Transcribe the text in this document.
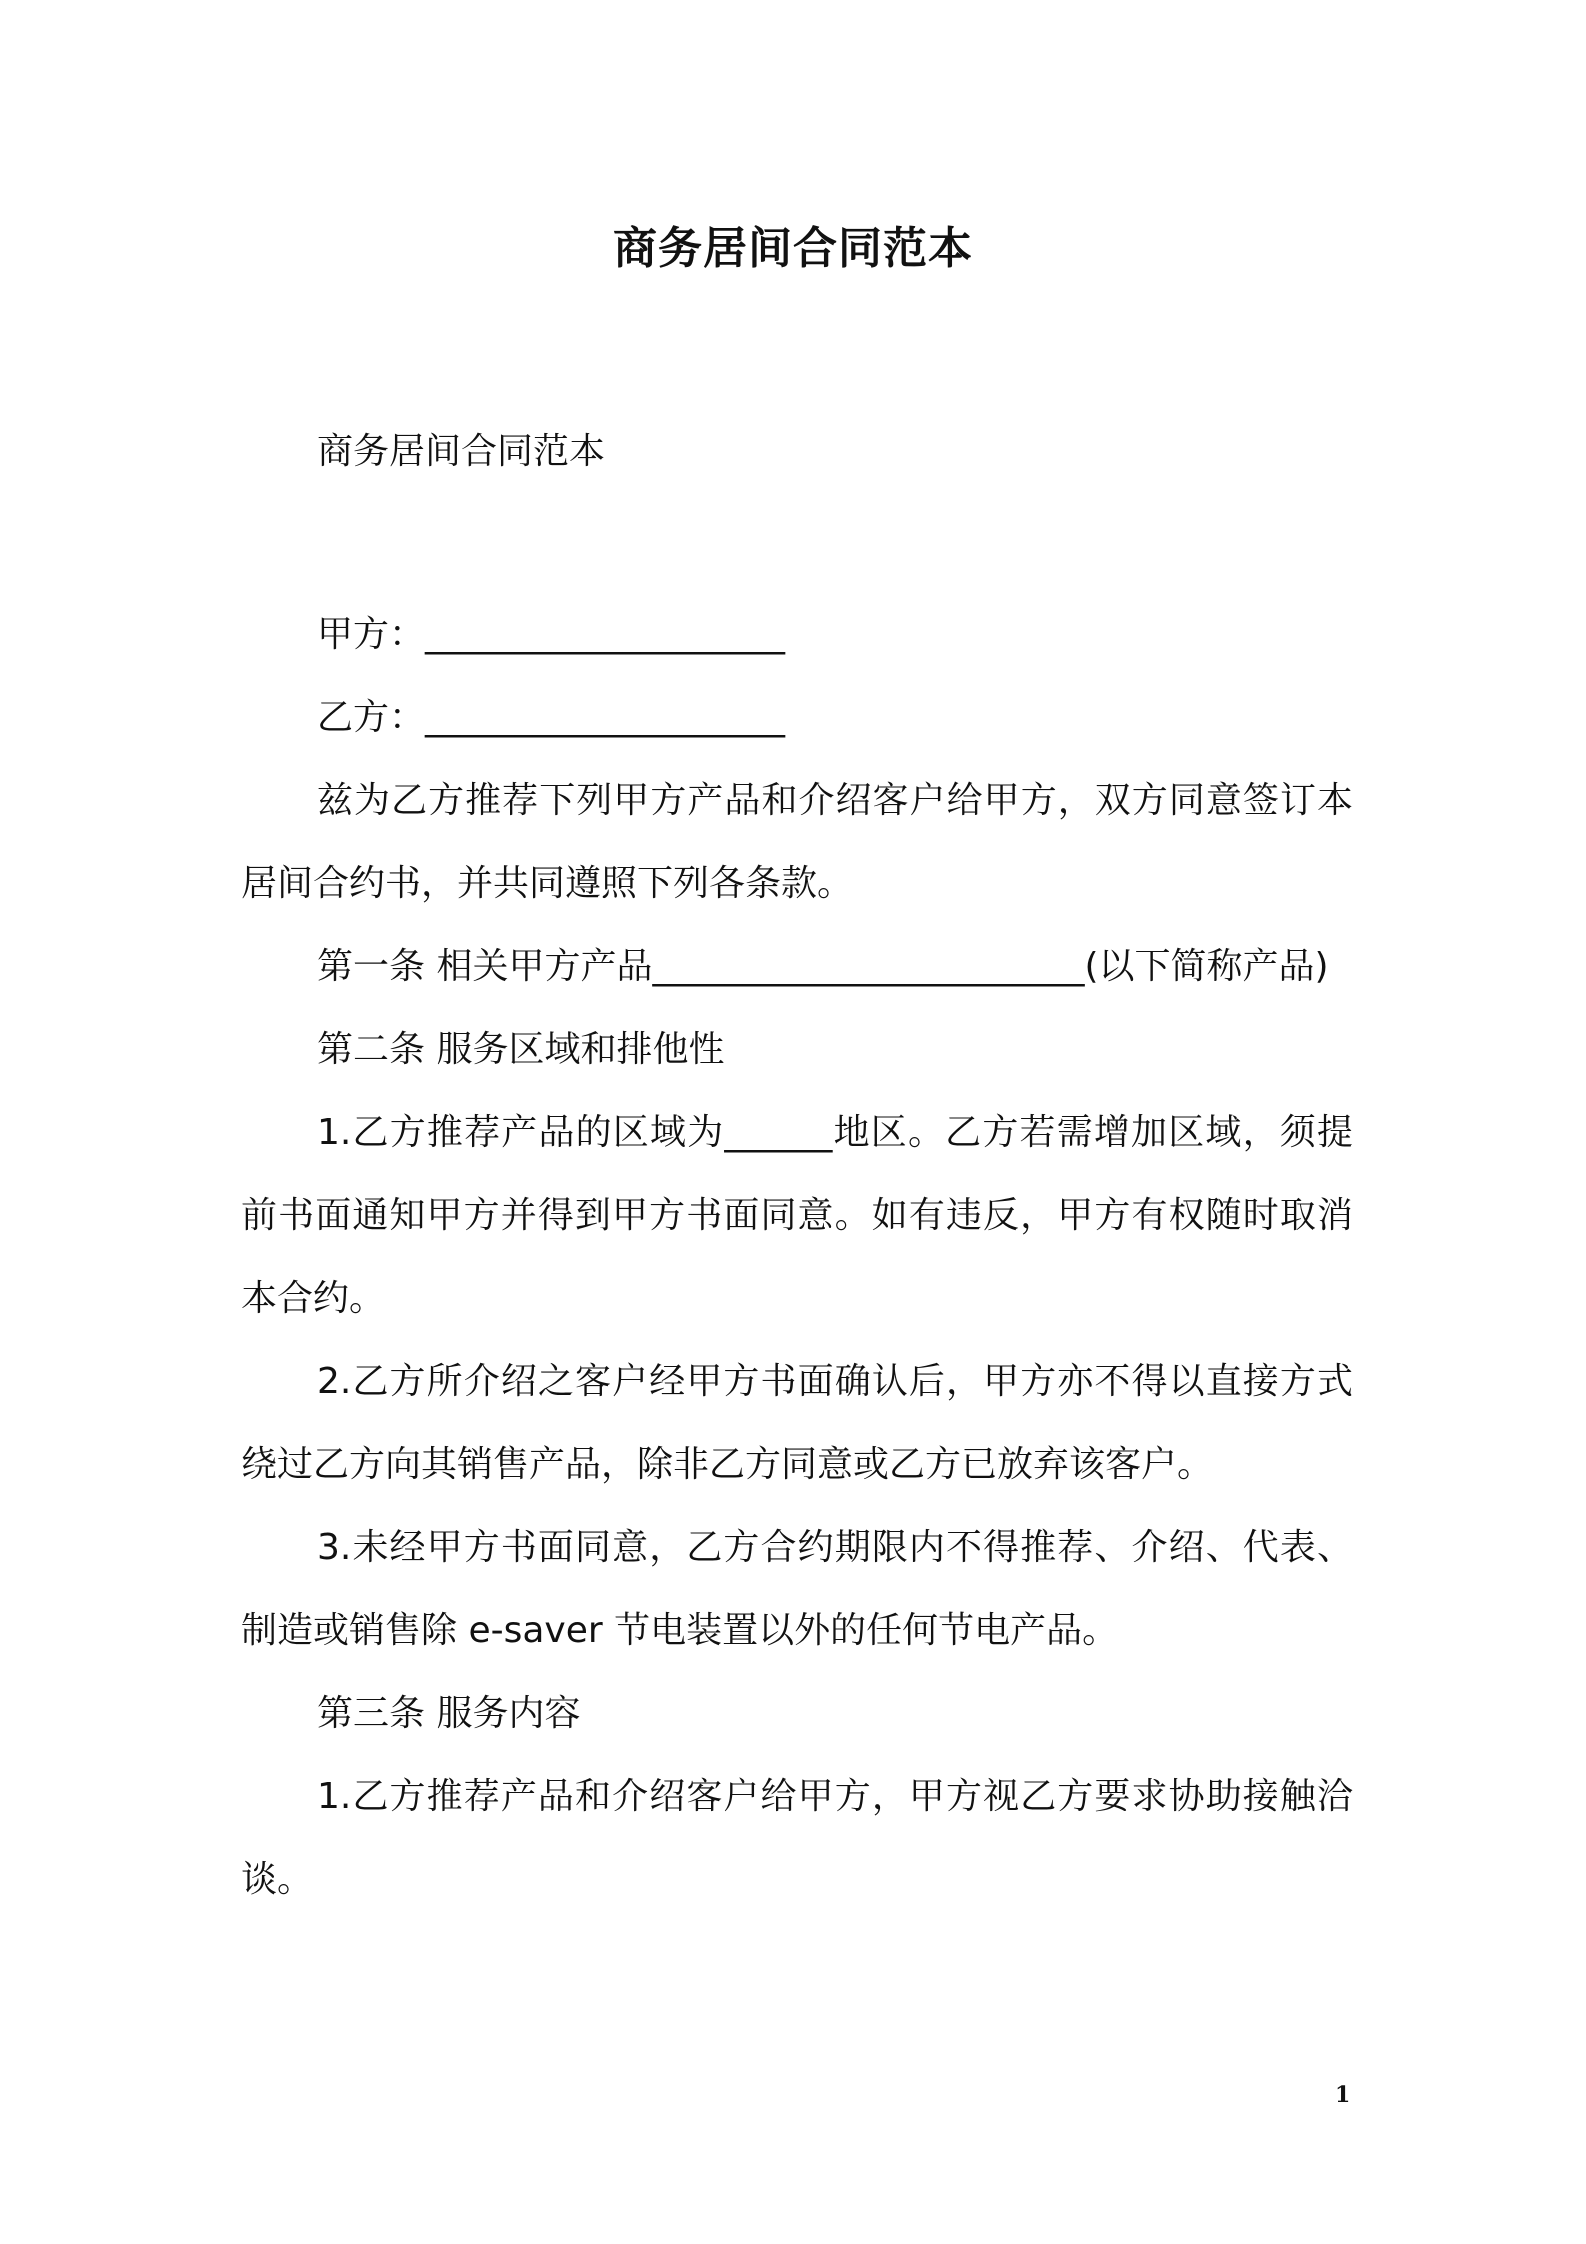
商务居间合同范本

商务居间合同范本

甲方：____________________

乙方：____________________

兹为乙方推荐下列甲方产品和介绍客户给甲方，双方同意签订本居间合约书，并共同遵照下列各条款。

第一条 相关甲方产品________________________(以下简称产品)

第二条 服务区域和排他性

1.乙方推荐产品的区域为______地区。乙方若需增加区域，须提前书面通知甲方并得到甲方书面同意。如有违反，甲方有权随时取消本合约。

2.乙方所介绍之客户经甲方书面确认后，甲方亦不得以直接方式绕过乙方向其销售产品，除非乙方同意或乙方已放弃该客户。

3.未经甲方书面同意，乙方合约期限内不得推荐、介绍、代表、制造或销售除 e-saver 节电装置以外的任何节电产品。

第三条 服务内容

1.乙方推荐产品和介绍客户给甲方，甲方视乙方要求协助接触洽谈。

1
